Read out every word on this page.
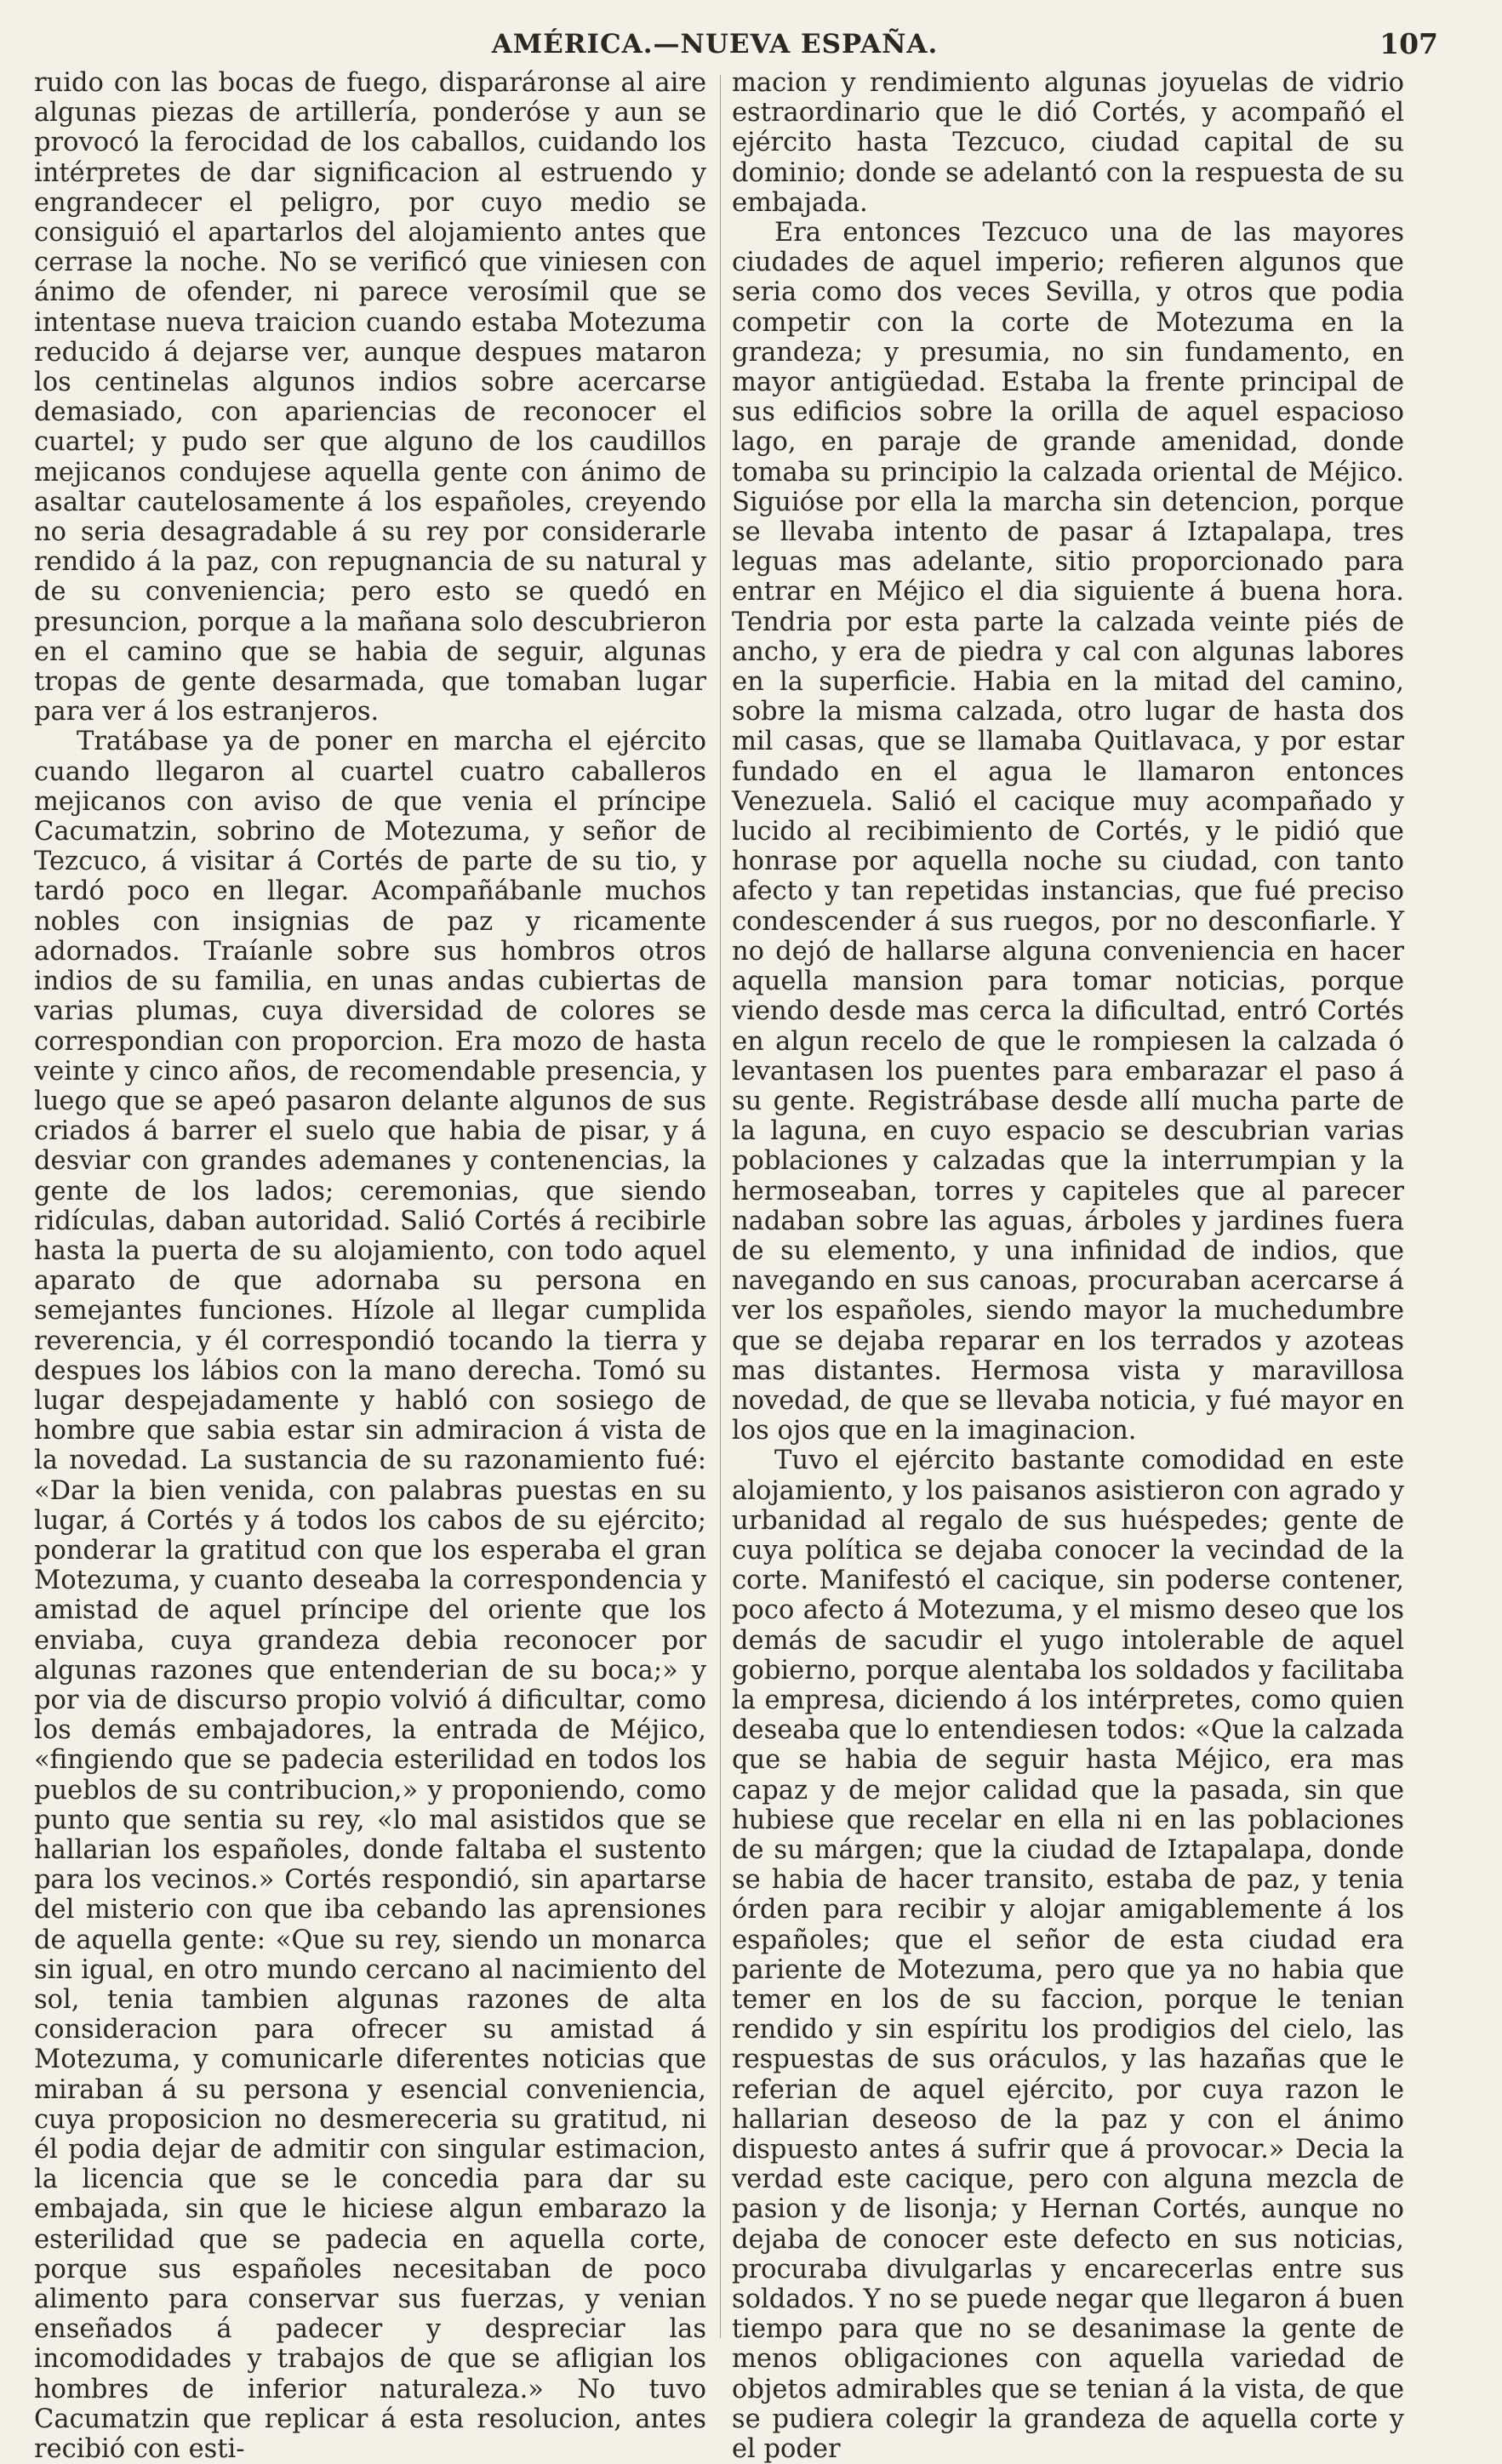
AMÉRICA.—NUEVA ESPAÑA.	107

ruido con las bocas de fuego, disparáronse al aire algunas piezas de artillería, ponderóse y aun se provocó la ferocidad de los caballos, cuidando los intérpretes de dar significacion al estruendo y engrandecer el peligro, por cuyo medio se consiguió el apartarlos del alojamiento antes que cerrase la noche. No se verificó que viniesen con ánimo de ofender, ni parece verosímil que se intentase nueva traicion cuando estaba Motezuma reducido á dejarse ver, aunque despues mataron los centinelas algunos indios sobre acercarse demasiado, con apariencias de reconocer el cuartel; y pudo ser que alguno de los caudillos mejicanos condujese aquella gente con ánimo de asaltar cautelosamente á los españoles, creyendo no seria desagradable á su rey por considerarle rendido á la paz, con repugnancia de su natural y de su conveniencia; pero esto se quedó en presuncion, porque a la mañana solo descubrieron en el camino que se habia de seguir, algunas tropas de gente desarmada, que tomaban lugar para ver á los estranjeros.

Tratábase ya de poner en marcha el ejército cuando llegaron al cuartel cuatro caballeros mejicanos con aviso de que venia el príncipe Cacumatzin, sobrino de Motezuma, y señor de Tezcuco, á visitar á Cortés de parte de su tio, y tardó poco en llegar. Acompañábanle muchos nobles con insignias de paz y ricamente adornados. Traíanle sobre sus hombros otros indios de su familia, en unas andas cubiertas de varias plumas, cuya diversidad de colores se correspondian con proporcion. Era mozo de hasta veinte y cinco años, de recomendable presencia, y luego que se apeó pasaron delante algunos de sus criados á barrer el suelo que habia de pisar, y á desviar con grandes ademanes y contenencias, la gente de los lados; ceremonias, que siendo ridículas, daban autoridad. Salió Cortés á recibirle hasta la puerta de su alojamiento, con todo aquel aparato de que adornaba su persona en semejantes funciones. Hízole al llegar cumplida reverencia, y él correspondió tocando la tierra y despues los lábios con la mano derecha. Tomó su lugar despejadamente y habló con sosiego de hombre que sabia estar sin admiracion á vista de la novedad. La sustancia de su razonamiento fué: «Dar la bien venida, con palabras puestas en su lugar, á Cortés y á todos los cabos de su ejército; ponderar la gratitud con que los esperaba el gran Motezuma, y cuanto deseaba la correspondencia y amistad de aquel príncipe del oriente que los enviaba, cuya grandeza debia reconocer por algunas razones que entenderian de su boca;» y por via de discurso propio volvió á dificultar, como los demás embajadores, la entrada de Méjico, «fingiendo que se padecia esterilidad en todos los pueblos de su contribucion,» y proponiendo, como punto que sentia su rey, «lo mal asistidos que se hallarian los españoles, donde faltaba el sustento para los vecinos.» Cortés respondió, sin apartarse del misterio con que iba cebando las aprensiones de aquella gente: «Que su rey, siendo un monarca sin igual, en otro mundo cercano al nacimiento del sol, tenia tambien algunas razones de alta consideracion para ofrecer su amistad á Motezuma, y comunicarle diferentes noticias que miraban á su persona y esencial conveniencia, cuya proposicion no desmereceria su gratitud, ni él podia dejar de admitir con singular estimacion, la licencia que se le concedia para dar su embajada, sin que le hiciese algun embarazo la esterilidad que se padecia en aquella corte, porque sus españoles necesitaban de poco alimento para conservar sus fuerzas, y venian enseñados á padecer y despreciar las incomodidades y trabajos de que se afligian los hombres de inferior naturaleza.» No tuvo Cacumatzin que replicar á esta resolucion, antes recibió con esti-

macion y rendimiento algunas joyuelas de vidrio estraordinario que le dió Cortés, y acompañó el ejército hasta Tezcuco, ciudad capital de su dominio; donde se adelantó con la respuesta de su embajada.

Era entonces Tezcuco una de las mayores ciudades de aquel imperio; refieren algunos que seria como dos veces Sevilla, y otros que podia competir con la corte de Motezuma en la grandeza; y presumia, no sin fundamento, en mayor antigüedad. Estaba la frente principal de sus edificios sobre la orilla de aquel espacioso lago, en paraje de grande amenidad, donde tomaba su principio la calzada oriental de Méjico. Siguióse por ella la marcha sin detencion, porque se llevaba intento de pasar á Iztapalapa, tres leguas mas adelante, sitio proporcionado para entrar en Méjico el dia siguiente á buena hora. Tendria por esta parte la calzada veinte piés de ancho, y era de piedra y cal con algunas labores en la superficie. Habia en la mitad del camino, sobre la misma calzada, otro lugar de hasta dos mil casas, que se llamaba Quitlavaca, y por estar fundado en el agua le llamaron entonces Venezuela. Salió el cacique muy acompañado y lucido al recibimiento de Cortés, y le pidió que honrase por aquella noche su ciudad, con tanto afecto y tan repetidas instancias, que fué preciso condescender á sus ruegos, por no desconfiarle. Y no dejó de hallarse alguna conveniencia en hacer aquella mansion para tomar noticias, porque viendo desde mas cerca la dificultad, entró Cortés en algun recelo de que le rompiesen la calzada ó levantasen los puentes para embarazar el paso á su gente. Registrábase desde allí mucha parte de la laguna, en cuyo espacio se descubrian varias poblaciones y calzadas que la interrumpian y la hermoseaban, torres y capiteles que al parecer nadaban sobre las aguas, árboles y jardines fuera de su elemento, y una infinidad de indios, que navegando en sus canoas, procuraban acercarse á ver los españoles, siendo mayor la muchedumbre que se dejaba reparar en los terrados y azoteas mas distantes. Hermosa vista y maravillosa novedad, de que se llevaba noticia, y fué mayor en los ojos que en la imaginacion.

Tuvo el ejército bastante comodidad en este alojamiento, y los paisanos asistieron con agrado y urbanidad al regalo de sus huéspedes; gente de cuya política se dejaba conocer la vecindad de la corte. Manifestó el cacique, sin poderse contener, poco afecto á Motezuma, y el mismo deseo que los demás de sacudir el yugo intolerable de aquel gobierno, porque alentaba los soldados y facilitaba la empresa, diciendo á los intérpretes, como quien deseaba que lo entendiesen todos: «Que la calzada que se habia de seguir hasta Méjico, era mas capaz y de mejor calidad que la pasada, sin que hubiese que recelar en ella ni en las poblaciones de su márgen; que la ciudad de Iztapalapa, donde se habia de hacer transito, estaba de paz, y tenia órden para recibir y alojar amigablemente á los españoles; que el señor de esta ciudad era pariente de Motezuma, pero que ya no habia que temer en los de su faccion, porque le tenian rendido y sin espíritu los prodigios del cielo, las respuestas de sus oráculos, y las hazañas que le referian de aquel ejército, por cuya razon le hallarian deseoso de la paz y con el ánimo dispuesto antes á sufrir que á provocar.» Decia la verdad este cacique, pero con alguna mezcla de pasion y de lisonja; y Hernan Cortés, aunque no dejaba de conocer este defecto en sus noticias, procuraba divulgarlas y encarecerlas entre sus soldados. Y no se puede negar que llegaron á buen tiempo para que no se desanimase la gente de menos obligaciones con aquella variedad de objetos admirables que se tenian á la vista, de que se pudiera colegir la grandeza de aquella corte y el poder
